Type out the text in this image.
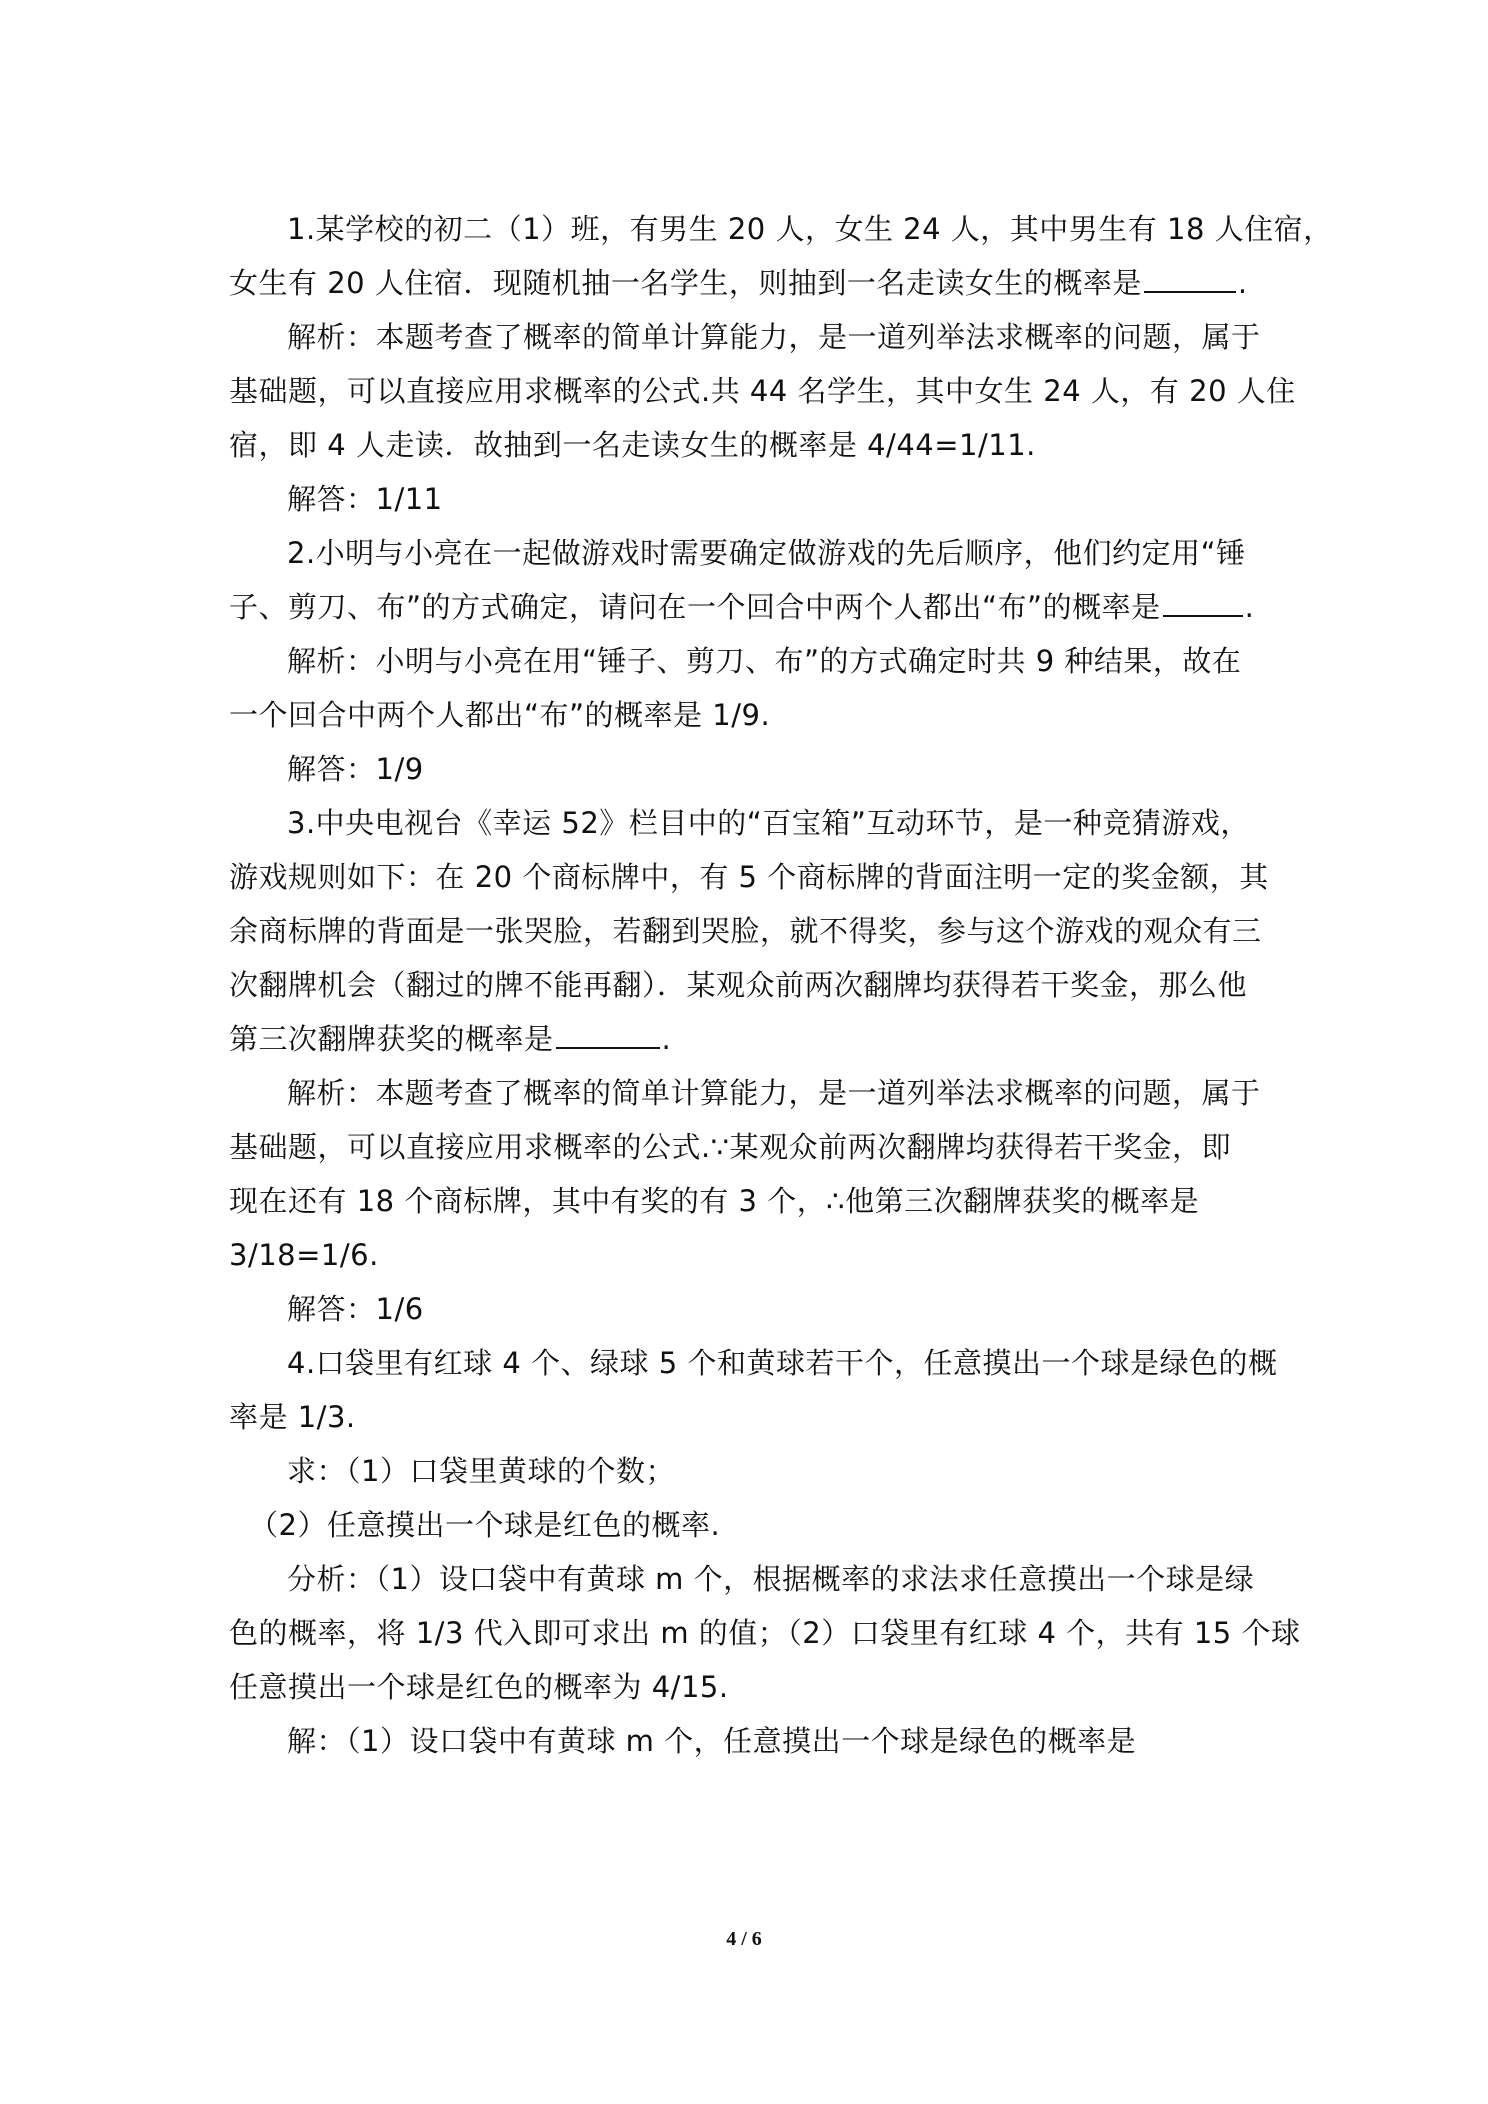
1.某学校的初二（1）班，有男生 20 人，女生 24 人，其中男生有 18 人住宿，
女生有 20 人住宿．现随机抽一名学生，则抽到一名走读女生的概率是	.
解析：本题考查了概率的简单计算能力，是一道列举法求概率的问题，属于
基础题，可以直接应用求概率的公式.共 44 名学生，其中女生 24 人，有 20 人住
宿，即 4 人走读．故抽到一名走读女生的概率是 4/44=1/11.
解答：1/11
2.小明与小亮在一起做游戏时需要确定做游戏的先后顺序，他们约定用“锤
子、剪刀、布”的方式确定，请问在一个回合中两个人都出“布”的概率是	.
解析：小明与小亮在用“锤子、剪刀、布”的方式确定时共 9 种结果，故在
一个回合中两个人都出“布”的概率是 1/9.
解答：1/9
3.中央电视台《幸运 52》栏目中的“百宝箱”互动环节，是一种竞猜游戏，
游戏规则如下：在 20 个商标牌中，有 5 个商标牌的背面注明一定的奖金额，其
余商标牌的背面是一张哭脸，若翻到哭脸，就不得奖，参与这个游戏的观众有三
次翻牌机会（翻过的牌不能再翻）．某观众前两次翻牌均获得若干奖金，那么他
第三次翻牌获奖的概率是	.
解析：本题考查了概率的简单计算能力，是一道列举法求概率的问题，属于
基础题，可以直接应用求概率的公式.∵某观众前两次翻牌均获得若干奖金，即
现在还有 18 个商标牌，其中有奖的有 3 个，∴他第三次翻牌获奖的概率是
3/18=1/6.
解答：1/6
4.口袋里有红球 4 个、绿球 5 个和黄球若干个，任意摸出一个球是绿色的概
率是 1/3.
求：（1）口袋里黄球的个数；
（2）任意摸出一个球是红色的概率.
分析：（1）设口袋中有黄球 m 个，根据概率的求法求任意摸出一个球是绿
色的概率，将 1/3 代入即可求出 m 的值；（2）口袋里有红球 4 个，共有 15 个球
任意摸出一个球是红色的概率为 4/15.
解：（1）设口袋中有黄球 m 个，任意摸出一个球是绿色的概率是
4 / 6
